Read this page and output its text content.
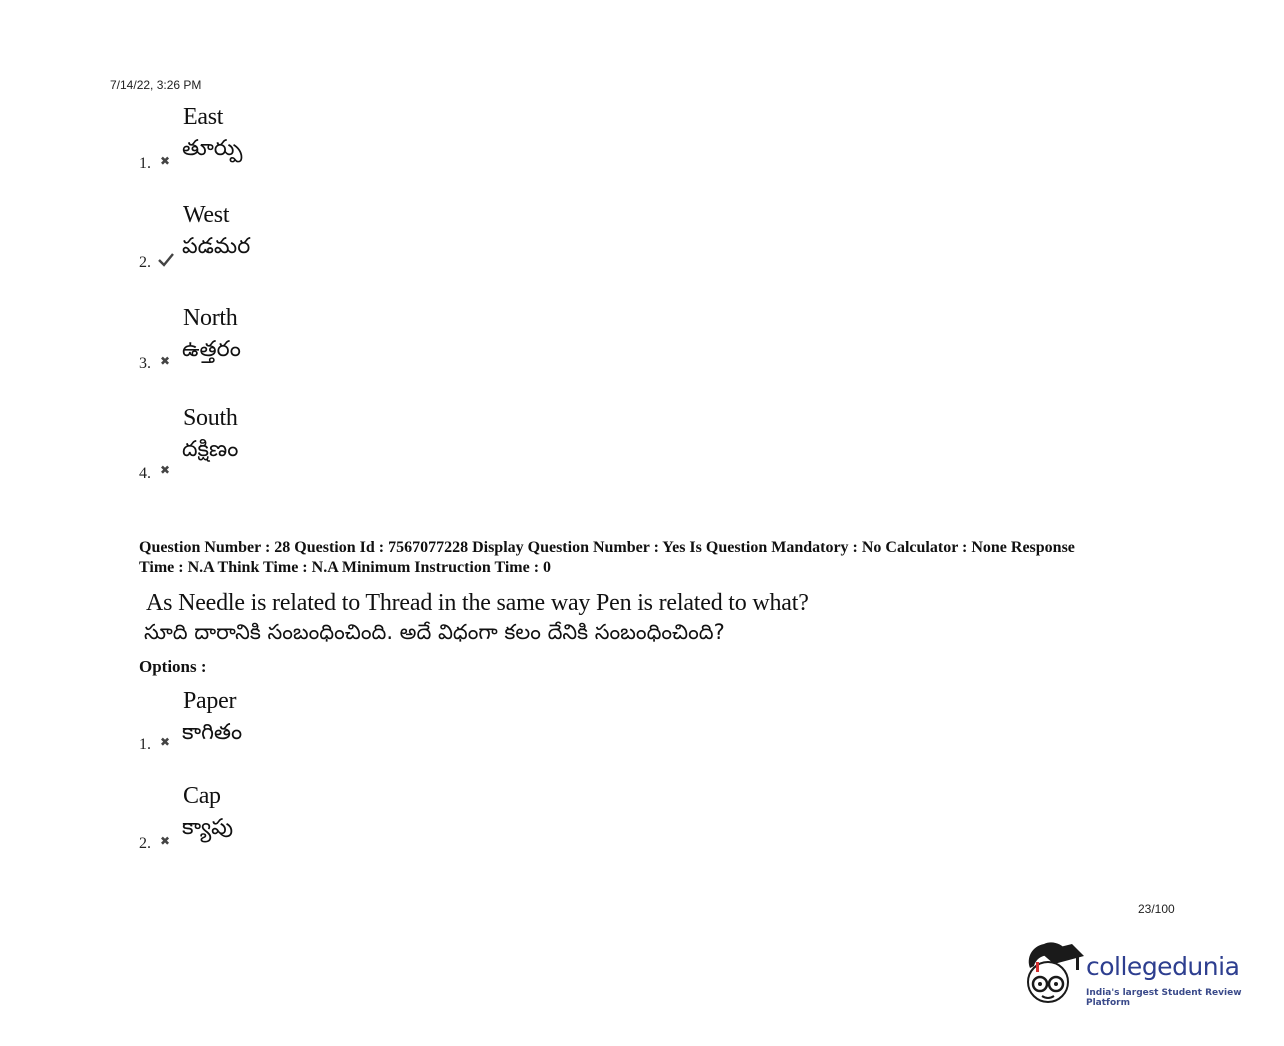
7/14/22, 3:26 PM
1. ✖
East
తూర్పు
2.
West
పడమర
3. ✖
North
ఉత్తరం
4. ✖
South
దక్షిణం
Question Number : 28 Question Id : 7567077228 Display Question Number : Yes Is Question Mandatory : No Calculator : None Response
Time : N.A Think Time : N.A Minimum Instruction Time : 0
As Needle is related to Thread in the same way Pen is related to what?
సూది దారానికి సంబంధించింది. అదే విధంగా కలం దేనికి సంబంధించింది?
Options :
1. ✖
Paper
కాగితం
2. ✖
Cap
క్యాపు
23/100
collegedunia
India's largest Student Review Platform
